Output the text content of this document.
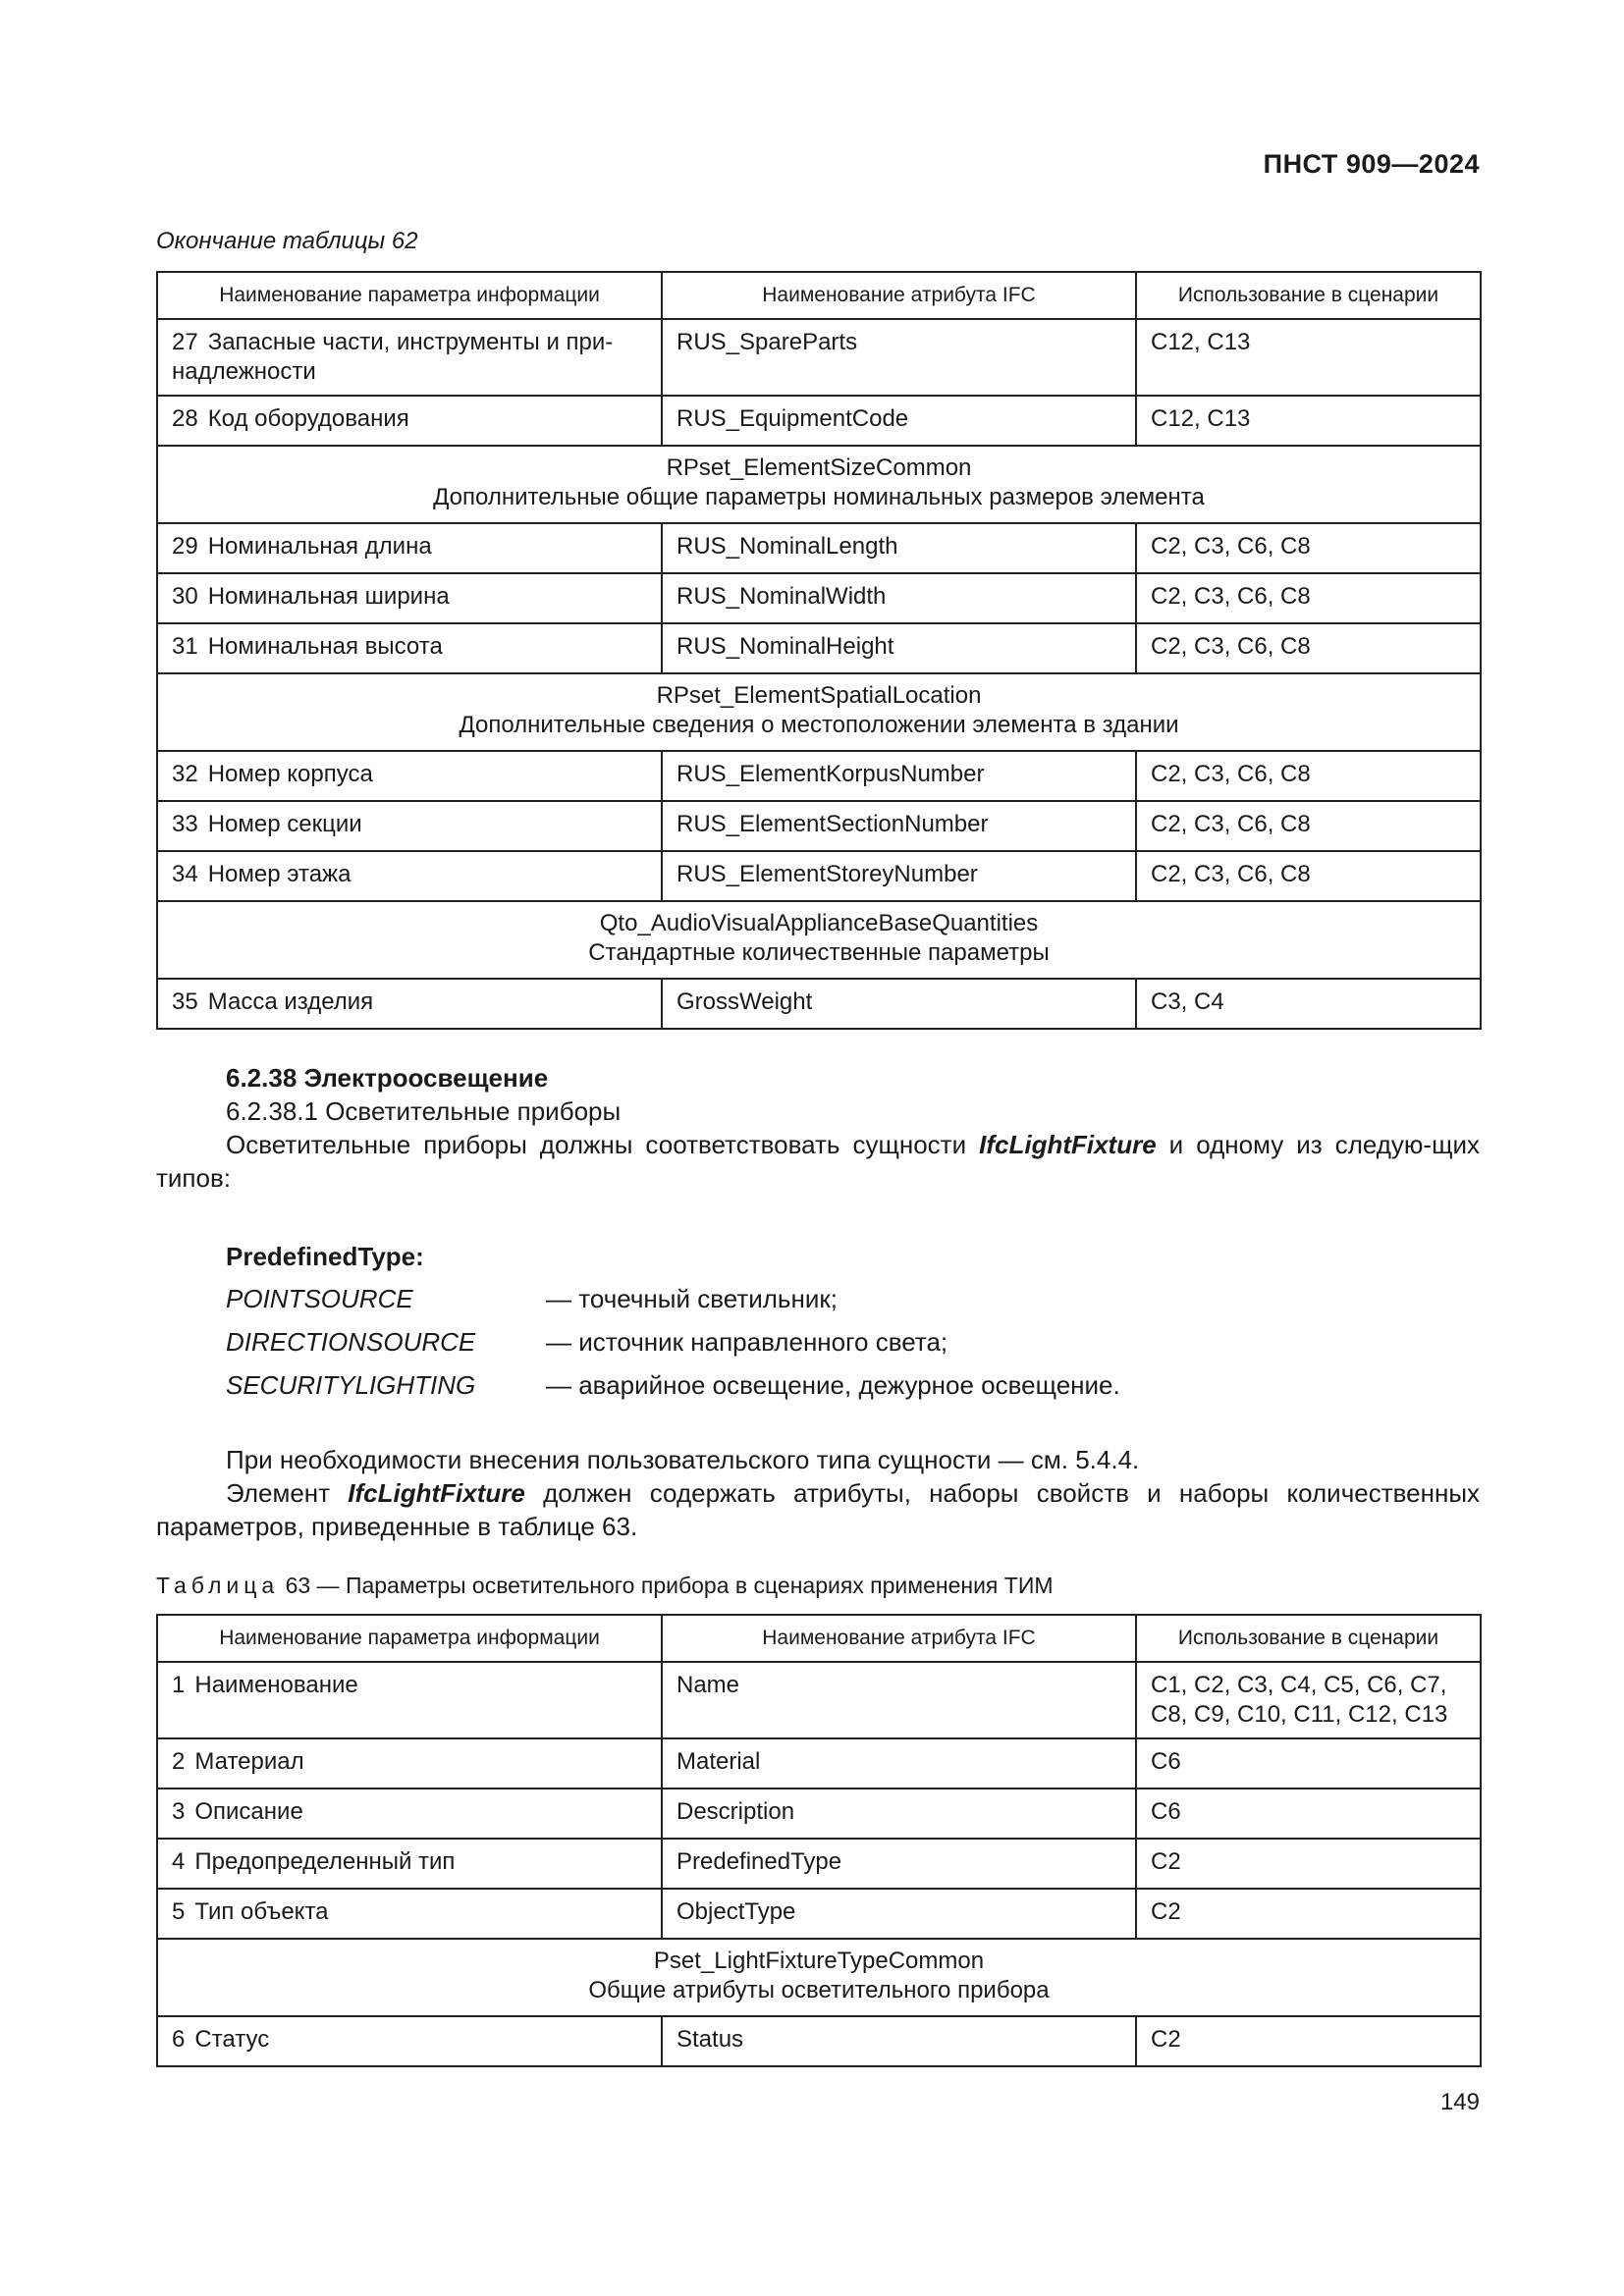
ПНСТ 909—2024
Окончание таблицы 62
Наименование параметра информации	Наименование атрибута IFC	Использование в сценарии
27 Запасные части, инструменты и при-надлежности	RUS_SpareParts	C12, C13
28 Код оборудования	RUS_EquipmentCode	C12, C13

RPset_ElementSizeCommon
Дополнительные общие параметры номинальных размеров элемента		

29 Номинальная длина	RUS_NominalLength	C2, C3, C6, C8
30 Номинальная ширина	RUS_NominalWidth	C2, C3, C6, C8
31 Номинальная высота	RUS_NominalHeight	C2, C3, C6, C8

RPset_ElementSpatialLocation
Дополнительные сведения о местоположении элемента в здании		

32 Номер корпуса	RUS_ElementKorpusNumber	C2, C3, C6, C8
33 Номер секции	RUS_ElementSectionNumber	C2, C3, C6, C8
34 Номер этажа	RUS_ElementStoreyNumber	C2, C3, C6, C8

Qto_AudioVisualApplianceBaseQuantities
Стандартные количественные параметры		

35 Масса изделия	GrossWeight	C3, C4
6.2.38 Электроосвещение
6.2.38.1 Осветительные приборы
Осветительные приборы должны соответствовать сущности IfcLightFixture и одному из следую-щих типов:
PredefinedType:
POINTSOURCE	— точечный светильник;
DIRECTIONSOURCE	— источник направленного света;
SECURITYLIGHTING	— аварийное освещение, дежурное освещение.
При необходимости внесения пользовательского типа сущности — см. 5.4.4.
Элемент IfcLightFixture должен содержать атрибуты, наборы свойств и наборы количественных параметров, приведенные в таблице 63.
Таблица 63 — Параметры осветительного прибора в сценариях применения ТИМ
Наименование параметра информации	Наименование атрибута IFC	Использование в сценарии
1 Наименование	Name	C1, C2, C3, C4, C5, C6, C7, C8, C9, C10, C11, C12, C13
2 Материал	Material	C6
3 Описание	Description	C6
4 Предопределенный тип	PredefinedType	C2
5 Тип объекта	ObjectType	C2

Pset_LightFixtureTypeCommon
Общие атрибуты осветительного прибора		

6 Статус	Status	C2
149
